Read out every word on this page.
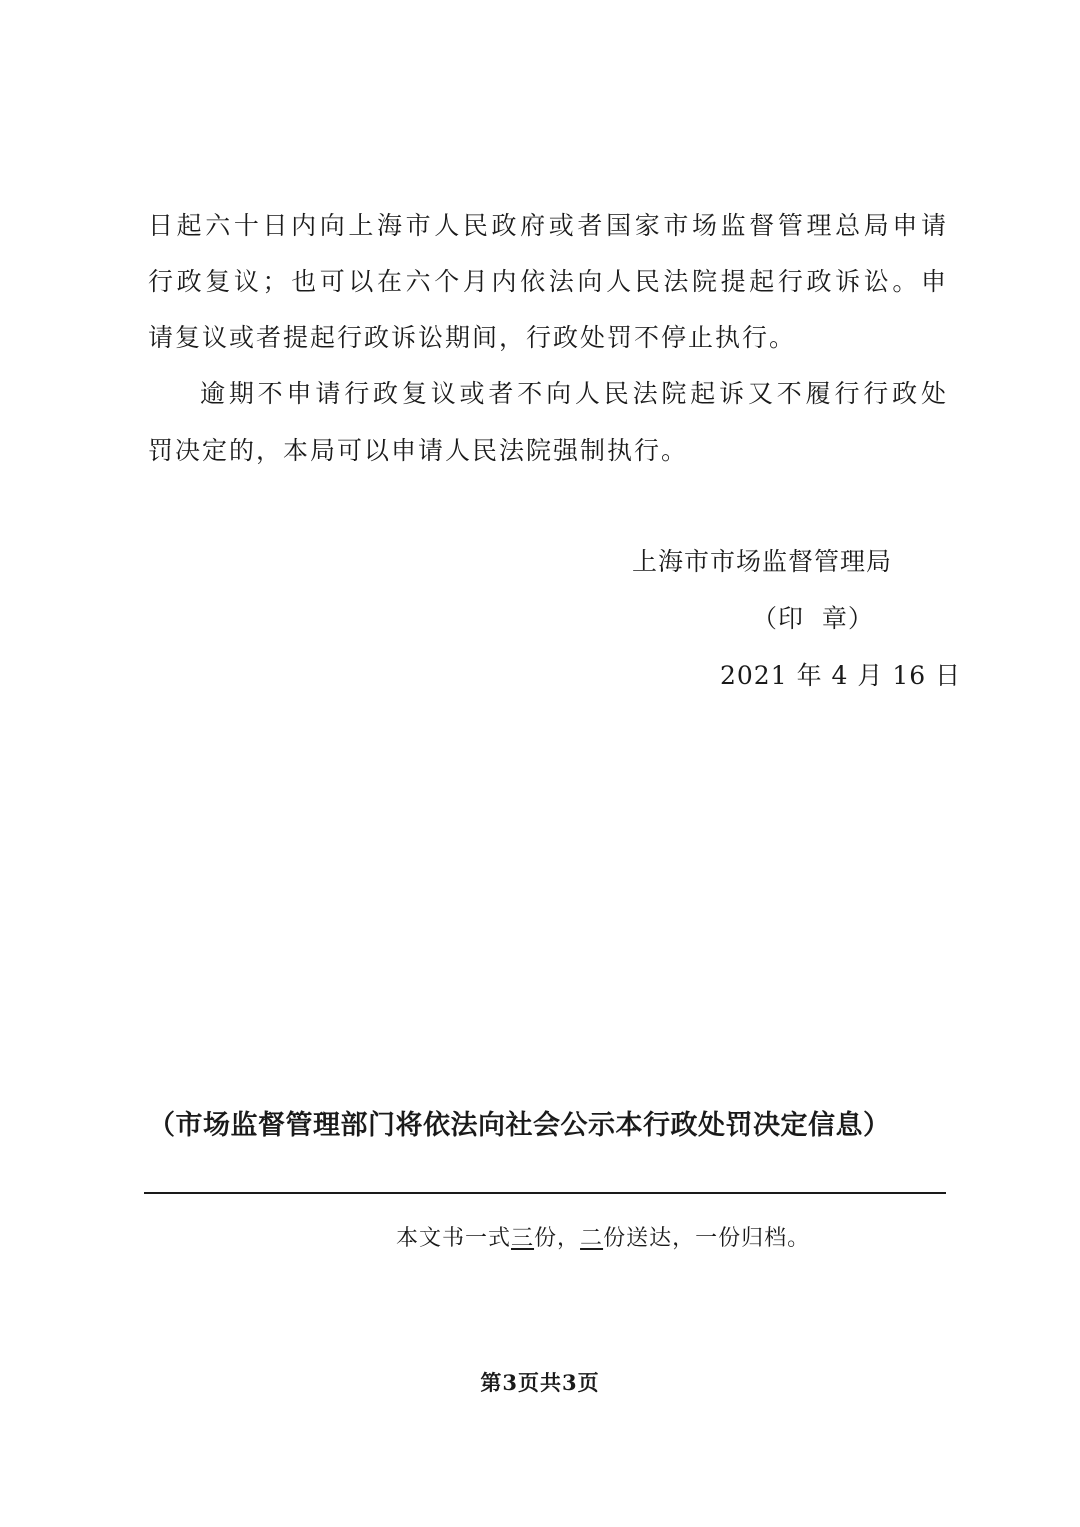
日起六十日内向上海市人民政府或者国家市场监督管理总局申请
行政复议；也可以在六个月内依法向人民法院提起行政诉讼。申
请复议或者提起行政诉讼期间，行政处罚不停止执行。
逾期不申请行政复议或者不向人民法院起诉又不履行行政处
罚决定的，本局可以申请人民法院强制执行。
上海市市场监督管理局
（印  章）
2021 年 4 月 16 日
（市场监督管理部门将依法向社会公示本行政处罚决定信息）
本文书一式三份，二份送达，一份归档。
第3页共3页
